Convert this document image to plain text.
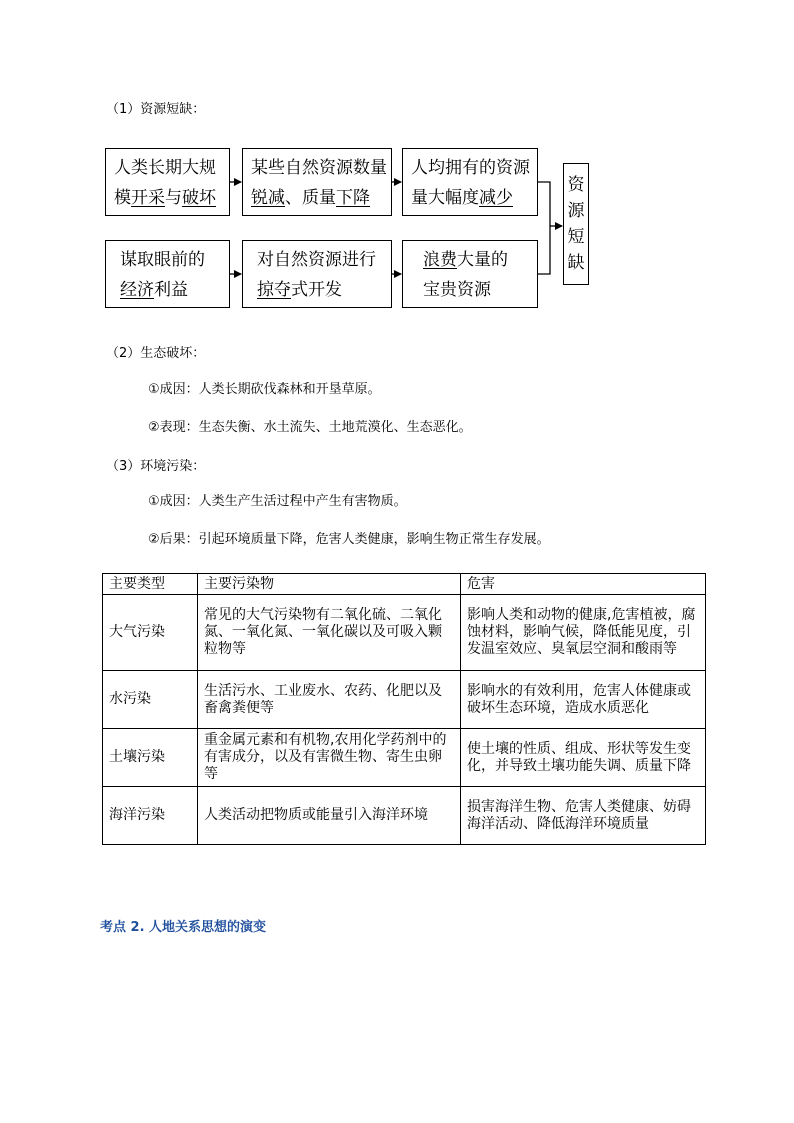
（1）资源短缺：
人类长期大规
模开采与破坏
某些自然资源数量
锐减、质量下降
人均拥有的资源
量大幅度减少
谋取眼前的
经济利益
对自然资源进行
掠夺式开发
浪费大量的
宝贵资源
资
源
短
缺
（2）生态破坏：
①成因：人类长期砍伐森林和开垦草原。
②表现：生态失衡、水土流失、土地荒漠化、生态恶化。
（3）环境污染：
①成因：人类生产生活过程中产生有害物质。
②后果：引起环境质量下降，危害人类健康，影响生物正常生存发展。
主要类型	主要污染物	危害
大气污染	常见的大气污染物有二氧化硫、二氧化氮、一氧化氮、一氧化碳以及可吸入颗粒物等	影响人类和动物的健康,危害植被，腐蚀材料，影响气候，降低能见度，引发温室效应、臭氧层空洞和酸雨等
水污染	生活污水、工业废水、农药、化肥以及畜禽粪便等	影响水的有效利用，危害人体健康或破坏生态环境，造成水质恶化
土壤污染	重金属元素和有机物,农用化学药剂中的有害成分，以及有害微生物、寄生虫卵等	使土壤的性质、组成、形状等发生变化，并导致土壤功能失调、质量下降
海洋污染	人类活动把物质或能量引入海洋环境	损害海洋生物、危害人类健康、妨碍海洋活动、降低海洋环境质量
考点 2. 人地关系思想的演变
